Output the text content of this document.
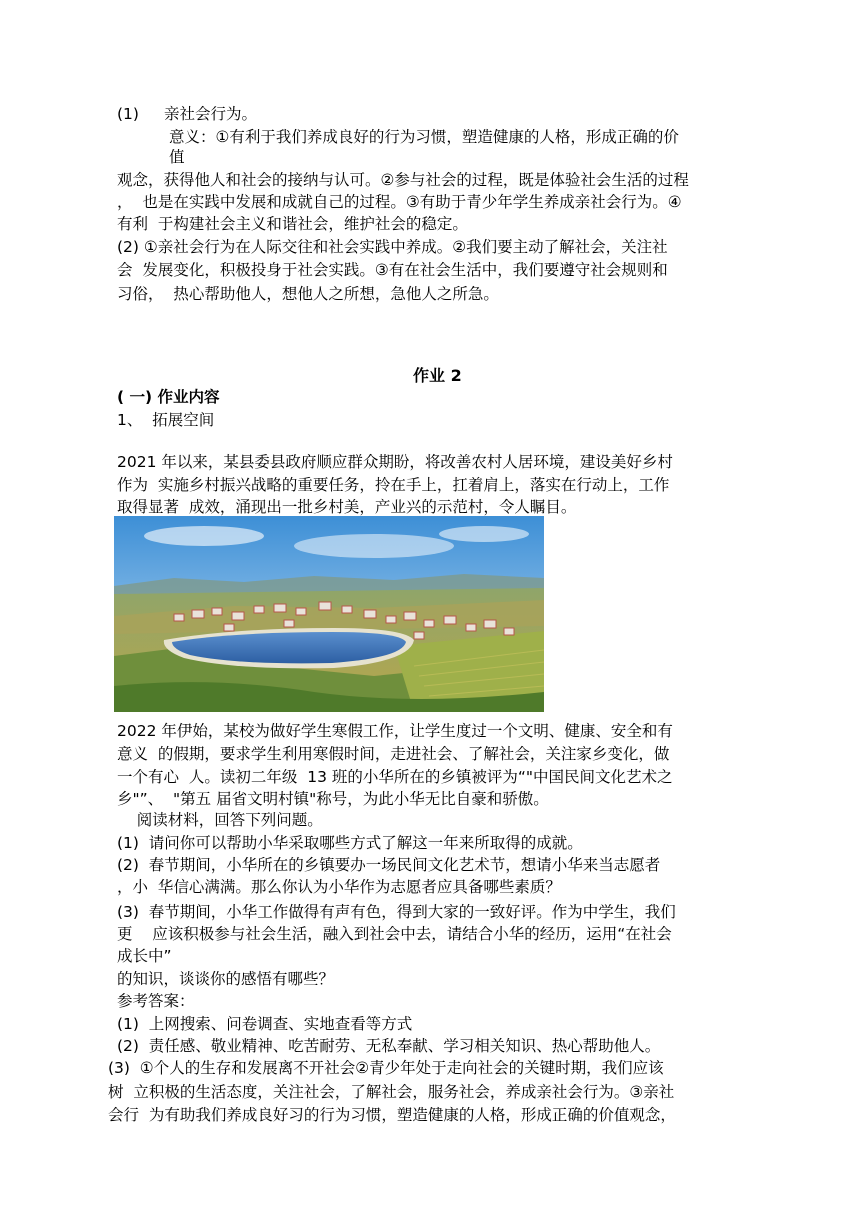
(1) 亲社会行为。
意义：①有利于我们养成良好的行为习惯，塑造健康的人格，形成正确的价
值
观念，获得他人和社会的接纳与认可。②参与社会的过程，既是体验社会生活的过程
，  也是在实践中发展和成就自己的过程。③有助于青少年学生养成亲社会行为。④
有利  于构建社会主义和谐社会，维护社会的稳定。
(2) ①亲社会行为在人际交往和社会实践中养成。②我们要主动了解社会，关注社
会  发展变化，积极投身于社会实践。③有在社会生活中，我们要遵守社会规则和
习俗，  热心帮助他人，想他人之所想，急他人之所急。
作业 2
( 一) 作业内容
1、  拓展空间
2021 年以来，某县委县政府顺应群众期盼，将改善农村人居环境，建设美好乡村
作为  实施乡村振兴战略的重要任务，拎在手上，扛着肩上，落实在行动上，工作
取得显著  成效，涌现出一批乡村美，产业兴的示范村，令人瞩目。
2022 年伊始，某校为做好学生寒假工作，让学生度过一个文明、健康、安全和有
意义  的假期，要求学生利用寒假时间，走进社会、了解社会，关注家乡变化，做
一个有心  人。读初二年级  13 班的小华所在的乡镇被评为“"中国民间文化艺术之
乡"”、  "第五 届省文明村镇"称号，为此小华无比自豪和骄傲。
阅读材料，回答下列问题。
(1)  请问你可以帮助小华采取哪些方式了解这一年来所取得的成就。
(2)  春节期间，小华所在的乡镇要办一场民间文化艺术节，想请小华来当志愿者
，小  华信心满满。那么你认为小华作为志愿者应具备哪些素质？
(3)  春节期间，小华工作做得有声有色，得到大家的一致好评。作为中学生，我们
更    应该积极参与社会生活，融入到社会中去，请结合小华的经历，运用“在社会
成长中”
的知识，谈谈你的感悟有哪些？
参考答案：
(1)  上网搜索、问卷调查、实地查看等方式
(2)  责任感、敬业精神、吃苦耐劳、无私奉献、学习相关知识、热心帮助他人。
(3)  ①个人的生存和发展离不开社会②青少年处于走向社会的关键时期，我们应该
树  立积极的生活态度，关注社会，了解社会，服务社会，养成亲社会行为。③亲社
会行  为有助我们养成良好习的行为习惯，塑造健康的人格，形成正确的价值观念，
